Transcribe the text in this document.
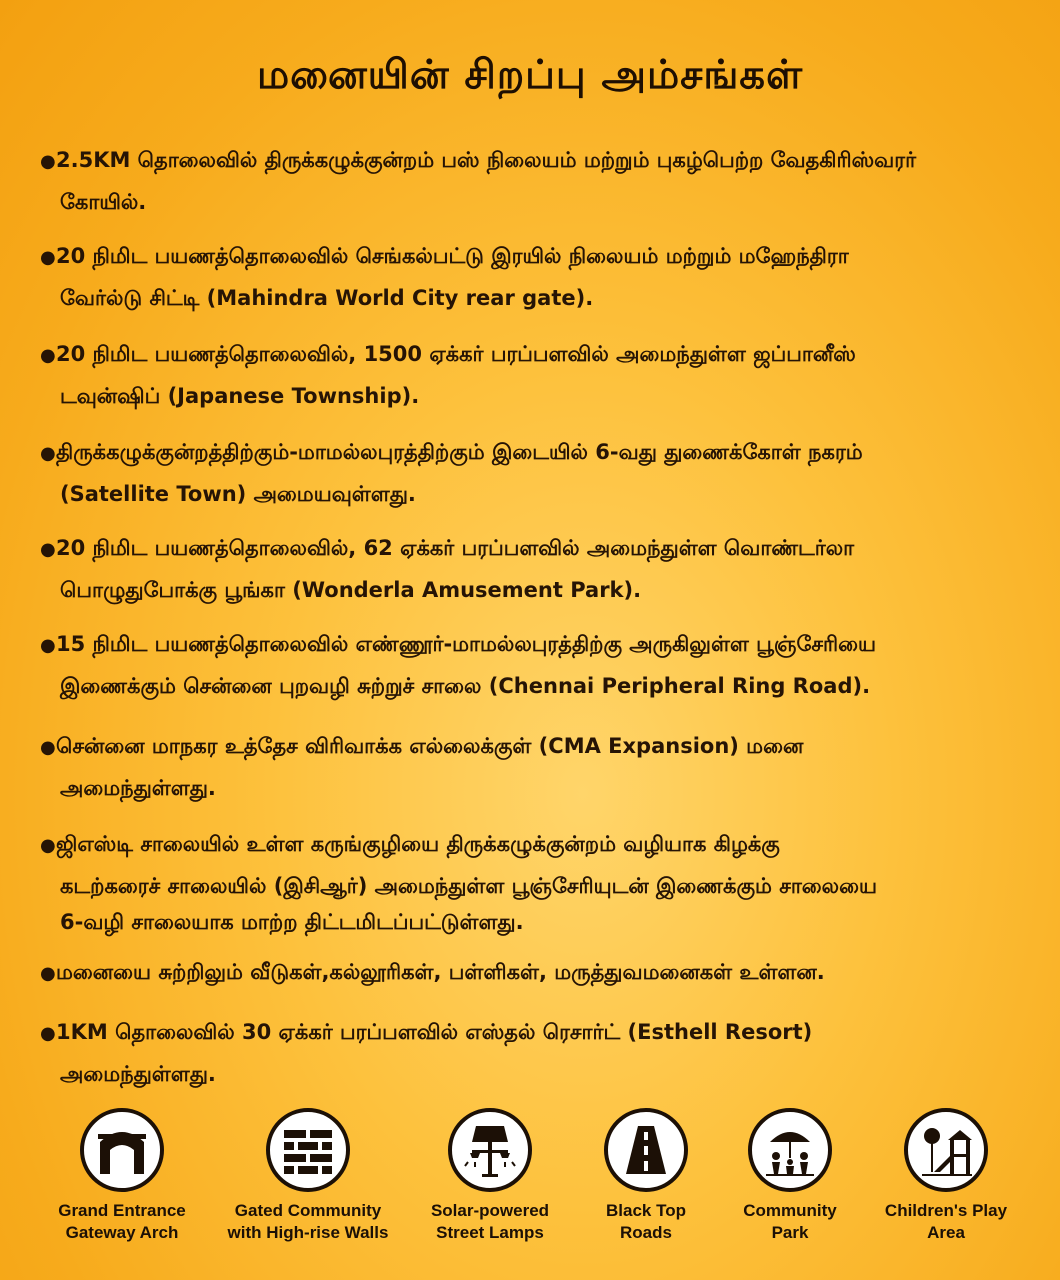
மனையின் சிறப்பு அம்சங்கள்
●2.5KM தொலைவில் திருக்கழுக்குன்றம் பஸ் நிலையம் மற்றும் புகழ்பெற்ற வேதகிரிஸ்வரர்
கோயில்.
●20 நிமிட பயணத்தொலைவில் செங்கல்பட்டு இரயில் நிலையம் மற்றும் மஹேந்திரா
வேர்ல்டு சிட்டி (Mahindra World City rear gate).
●20 நிமிட பயணத்தொலைவில், 1500 ஏக்கர் பரப்பளவில் அமைந்துள்ள ஜப்பானீஸ்
டவுன்ஷிப் (Japanese Township).
●திருக்கழுக்குன்றத்திற்கும்-மாமல்லபுரத்திற்கும் இடையில் 6-வது துணைக்கோள் நகரம்
(Satellite Town) அமையவுள்ளது.
●20 நிமிட பயணத்தொலைவில், 62 ஏக்கர் பரப்பளவில் அமைந்துள்ள வொண்டர்லா
பொழுதுபோக்கு பூங்கா (Wonderla Amusement Park).
●15 நிமிட பயணத்தொலைவில் எண்ணூர்-மாமல்லபுரத்திற்கு அருகிலுள்ள பூஞ்சேரியை
இணைக்கும் சென்னை புறவழி சுற்றுச் சாலை (Chennai Peripheral Ring Road).
●சென்னை மாநகர உத்தேச விரிவாக்க எல்லைக்குள் (CMA Expansion) மனை
அமைந்துள்ளது.
●ஜிஎஸ்டி சாலையில் உள்ள கருங்குழியை திருக்கழுக்குன்றம் வழியாக கிழக்கு
கடற்கரைச் சாலையில் (இசிஆர்) அமைந்துள்ள பூஞ்சேரியுடன் இணைக்கும் சாலையை
6-வழி சாலையாக மாற்ற திட்டமிடப்பட்டுள்ளது.
●மனையை சுற்றிலும் வீடுகள்,கல்லூரிகள், பள்ளிகள், மருத்துவமனைகள் உள்ளன.
●1KM தொலைவில் 30 ஏக்கர் பரப்பளவில் எஸ்தல் ரெசார்ட் (Esthell Resort)
அமைந்துள்ளது.
Grand Entrance
Gateway Arch
Gated Community
with High-rise Walls
Solar-powered
Street Lamps
Black Top
Roads
Community
Park
Children's Play
Area
